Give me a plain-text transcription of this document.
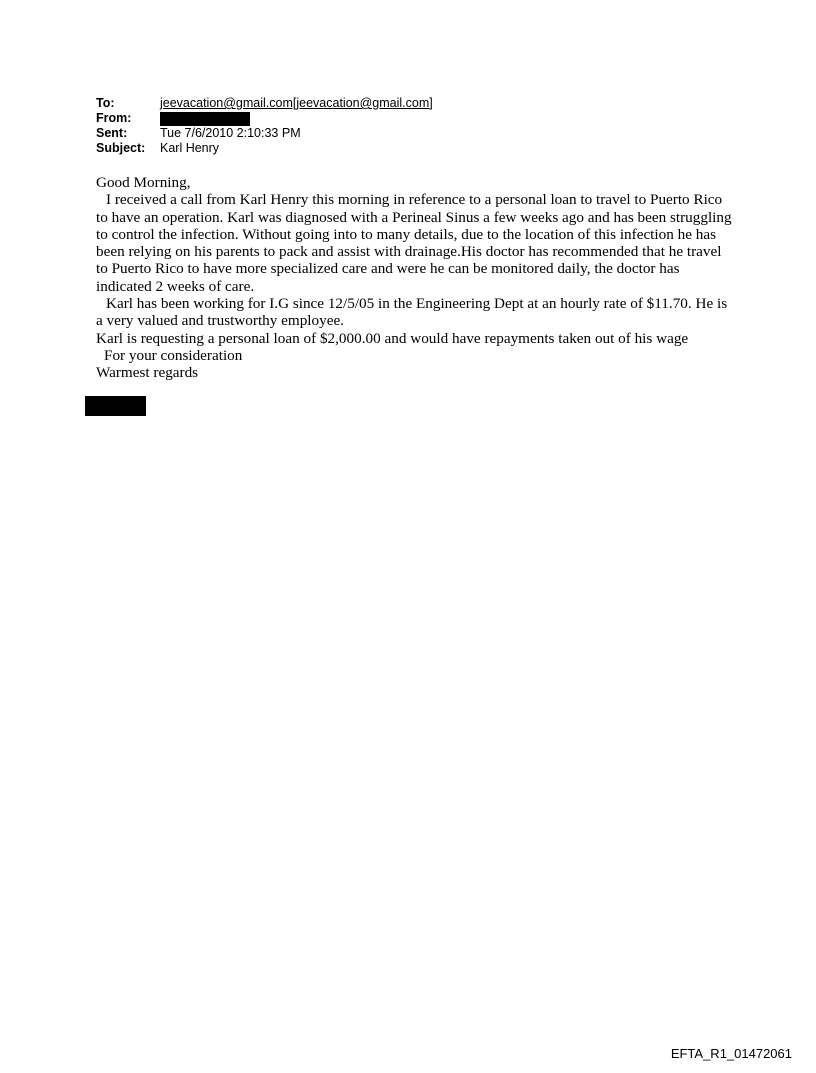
To:	jeevacation@gmail.com[jeevacation@gmail.com]
From:
Sent:	Tue 7/6/2010 2:10:33 PM
Subject:	Karl Henry

Good Morning,

I received a call from Karl Henry this morning in reference to a personal loan to travel to Puerto Rico to have an operation. Karl was diagnosed with a Perineal Sinus a few weeks ago and has been struggling to control the infection. Without going into to many details, due to the location of this infection he has been relying on his parents to pack and assist with drainage.His doctor has recommended that he travel to Puerto Rico to have more specialized care and were he can be monitored daily, the doctor has indicated 2 weeks of care.

Karl has been working for I.G since 12/5/05 in the Engineering Dept at an hourly rate of $11.70. He is a very valued and trustworthy employee.

Karl is requesting a personal loan of $2,000.00 and would have repayments taken out of his wage

For your consideration

Warmest regards

EFTA_R1_01472061
